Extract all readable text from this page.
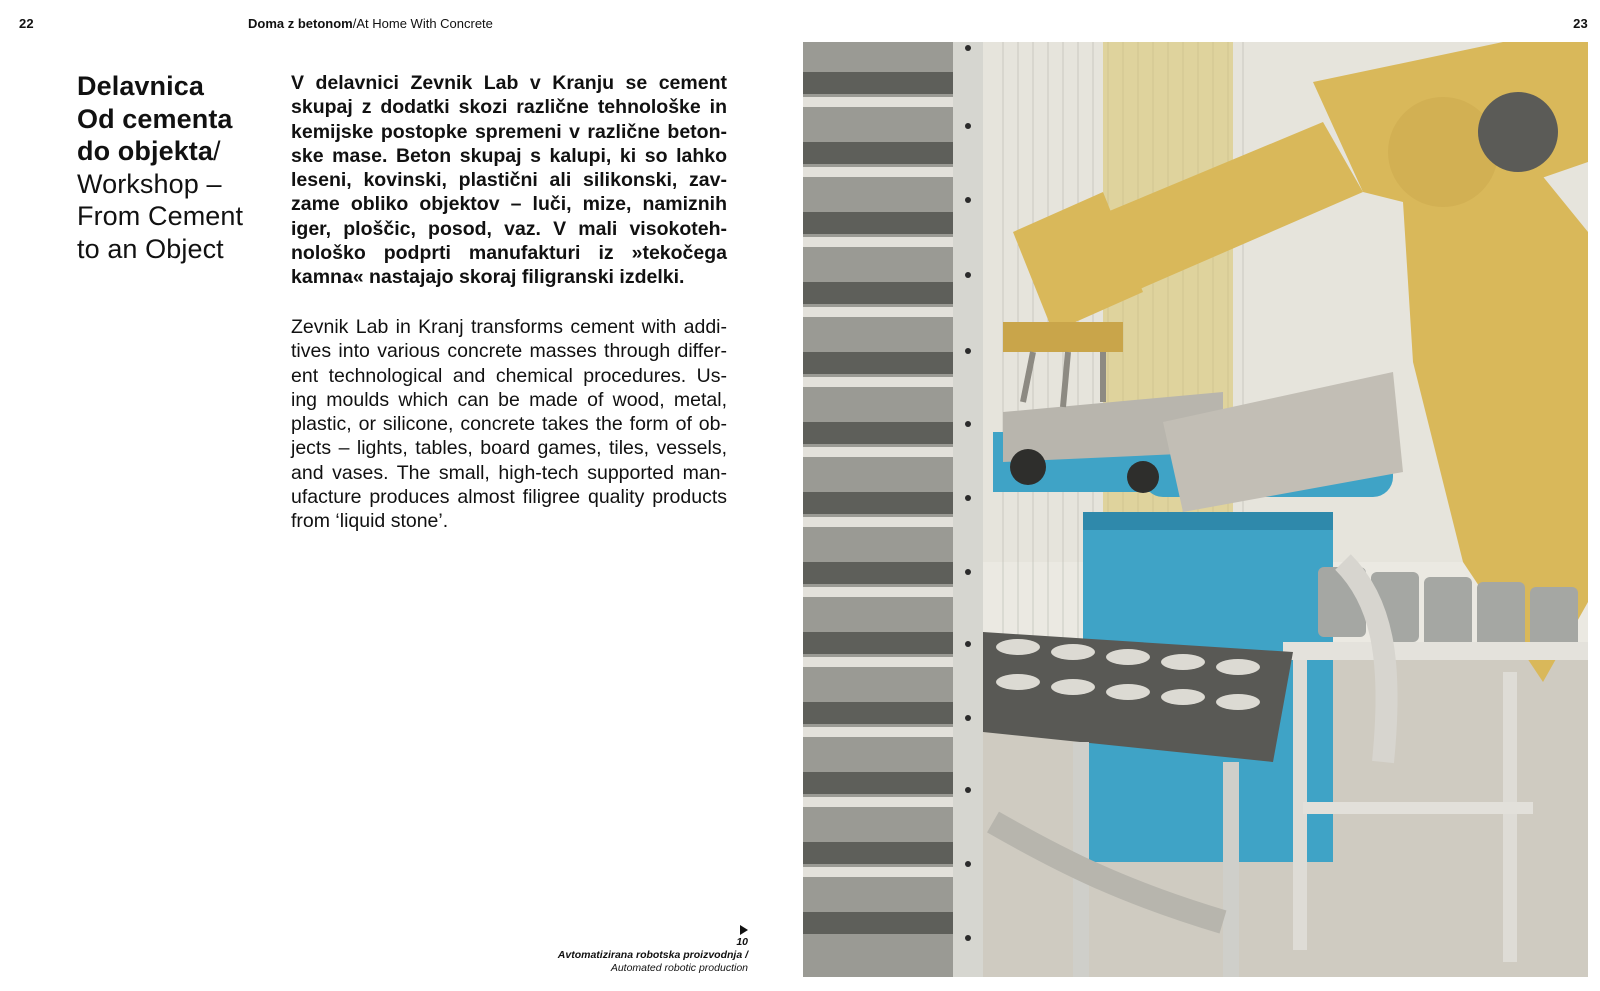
22	23
Doma z betonom/At Home With Concrete
Delavnica
Od cementa
do objekta/
Workshop –
From Cement
to an Object

V delavnici Zevnik Lab v Kranju se cement
skupaj z dodatki skozi različne tehnološke in
kemijske postopke spremeni v različne beton-
ske mase. Beton skupaj s kalupi, ki so lahko
leseni, kovinski, plastični ali silikonski, zav-
zame obliko objektov – luči, mize, namiznih
iger, ploščic, posod, vaz. V mali visokoteh-
nološko podprti manufakturi iz »tekočega
kamna« nastajajo skoraj filigranski izdelki.

Zevnik Lab in Kranj transforms cement with addi-
tives into various concrete masses through differ-
ent technological and chemical procedures. Us-
ing moulds which can be made of wood, metal,
plastic, or silicone, concrete takes the form of ob-
jects – lights, tables, board games, tiles, vessels,
and vases. The small, high-tech supported man-
ufacture produces almost filigree quality products
from ‘liquid stone’.

10
Avtomatizirana robotska proizvodnja /
Automated robotic production
